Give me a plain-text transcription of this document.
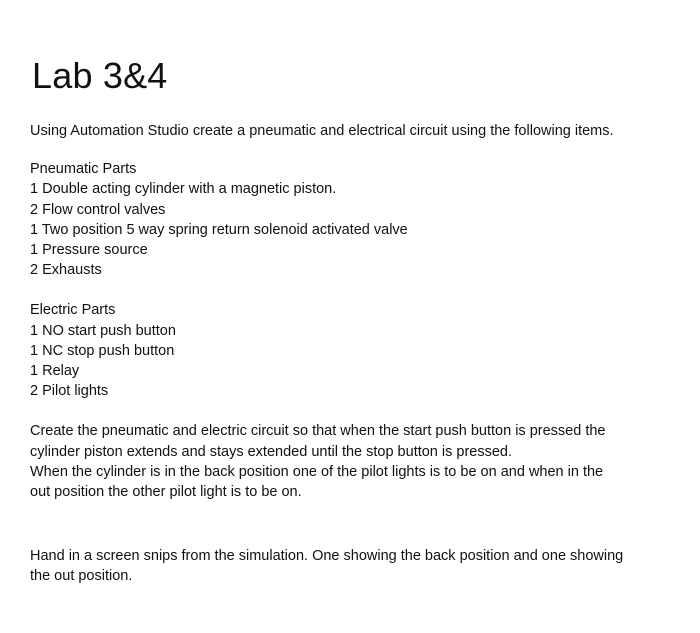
Lab 3&4
Using Automation Studio create a pneumatic and electrical circuit using the following items.
Pneumatic Parts
1 Double acting cylinder with a magnetic piston.
2 Flow control valves
1 Two position 5 way spring return solenoid activated valve
1 Pressure source
2 Exhausts
Electric Parts
1 NO start push button
1 NC stop push button
1 Relay
2 Pilot lights
Create the pneumatic and electric circuit so that when the start push button is pressed the
cylinder piston extends and stays extended until the stop button is pressed.
When the cylinder is in the back position one of the pilot lights is to be on and when in the
out position the other pilot light is to be on.
Hand in a screen snips from the simulation. One showing the back position and one showing
the out position.
